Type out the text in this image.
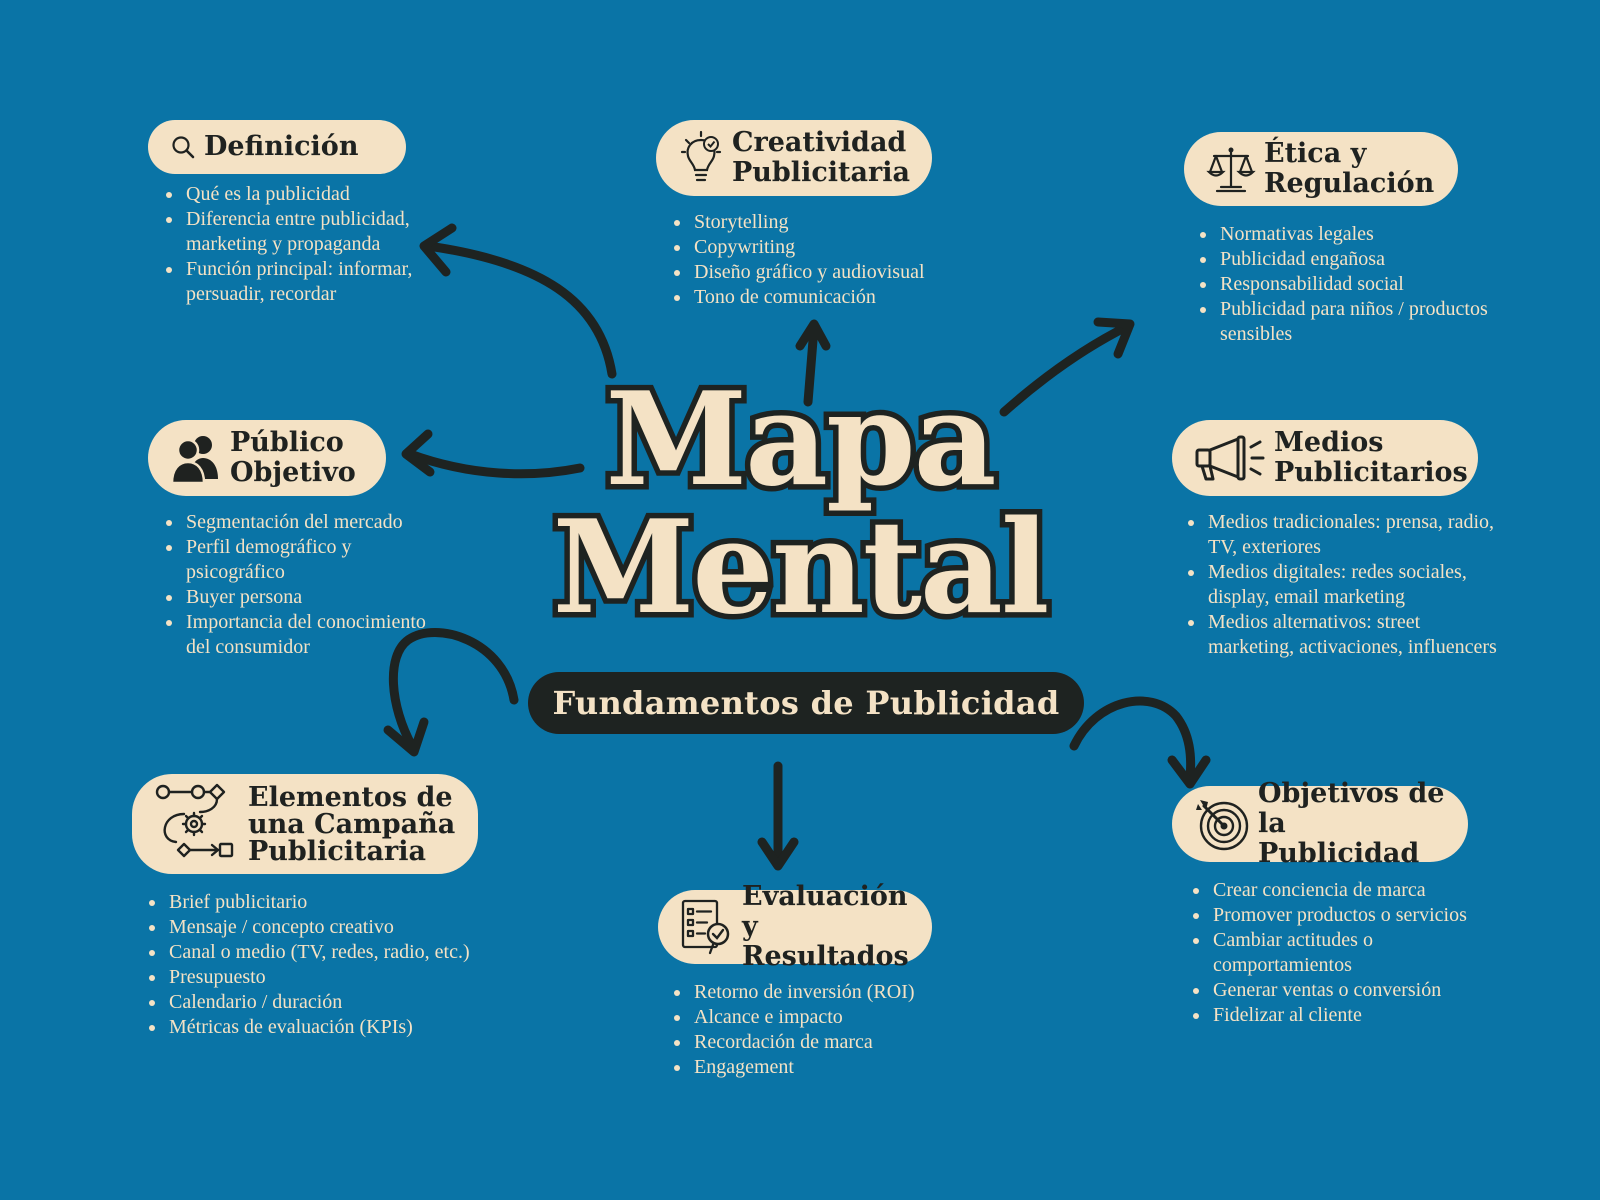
Mapa
Mental
Fundamentos de Publicidad
Definición
• Qué es la publicidad
• Diferencia entre publicidad, marketing y propaganda
• Función principal: informar, persuadir, recordar
Creatividad
Publicitaria
• Storytelling
• Copywriting
• Diseño gráfico y audiovisual
• Tono de comunicación
Ética y
Regulación
• Normativas legales
• Publicidad engañosa
• Responsabilidad social
• Publicidad para niños / productos sensibles
Público
Objetivo
• Segmentación del mercado
• Perfil demográfico y psicográfico
• Buyer persona
• Importancia del conocimiento del consumidor
Medios
Publicitarios
• Medios tradicionales: prensa, radio, TV, exteriores
• Medios digitales: redes sociales, display, email marketing
• Medios alternativos: street marketing, activaciones, influencers
Elementos de
una Campaña
Publicitaria
• Brief publicitario
• Mensaje / concepto creativo
• Canal o medio (TV, redes, radio, etc.)
• Presupuesto
• Calendario / duración
• Métricas de evaluación (KPIs)
Evaluación y
Resultados
• Retorno de inversión (ROI)
• Alcance e impacto
• Recordación de marca
• Engagement
Objetivos de
la Publicidad
• Crear conciencia de marca
• Promover productos o servicios
• Cambiar actitudes o comportamientos
• Generar ventas o conversión
• Fidelizar al cliente
